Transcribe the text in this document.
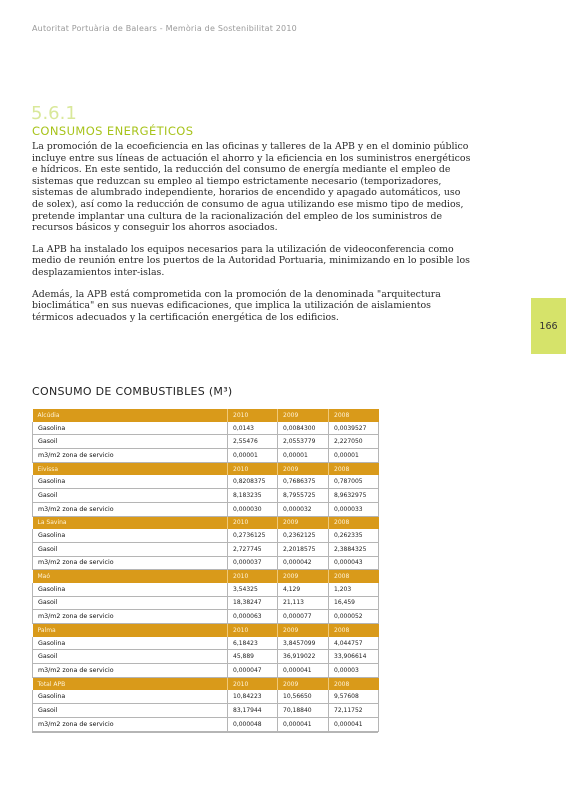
Autoritat Portuària de Balears - Memòria de Sostenibilitat 2010
5.6.1
CONSUMOS ENERGÉTICOS

La promoción de la ecoeficiencia en las oficinas y talleres de la APB y en el dominio público incluye entre sus líneas de actuación el ahorro y la eficiencia en los suministros energéticos e hídricos. En este sentido, la reducción del consumo de energía mediante el empleo de sistemas que reduzcan su empleo al tiempo estrictamente necesario (temporizadores, sistemas de alumbrado independiente, horarios de encendido y apagado automáticos, uso de solex), así como la reducción de consumo de agua utilizando ese mismo tipo de medios, pretende implantar una cultura de la racionalización del empleo de los suministros de recursos básicos y conseguir los ahorros asociados.

La APB ha instalado los equipos necesarios para la utilización de videoconferencia como medio de reunión entre los puertos de la Autoridad Portuaria, minimizando en lo posible los desplazamientos inter-islas.

Además, la APB está comprometida con la promoción de la denominada "arquitectura bioclimática" en sus nuevas edificaciones, que implica la utilización de aislamientos térmicos adecuados y la certificación energética de los edificios.

166
CONSUMO DE COMBUSTIBLES (M³)
Alcúdia	2010	2009	2008
Gasolina	0,0143	0,0084300	0,0039527
Gasoil	2,55476	2,0553779	2,227050
m3/m2 zona de servicio	0,00001	0,00001	0,00001
Eivissa	2010	2009	2008
Gasolina	0,8208375	0,7686375	0,787005
Gasoil	8,183235	8,7955725	8,9632975
m3/m2 zona de servicio	0,000030	0,000032	0,000033
La Savina	2010	2009	2008
Gasolina	0,2736125	0,2362125	0,262335
Gasoil	2,727745	2,2018575	2,3884325
m3/m2 zona de servicio	0,000037	0,000042	0,000043
Maó	2010	2009	2008
Gasolina	3,54325	4,129	1,203
Gasoil	18,38247	21,113	16,459
m3/m2 zona de servicio	0,000063	0,000077	0,000052
Palma	2010	2009	2008
Gasolina	6,18423	3,8457099	4,044757
Gasoil	45,889	36,919022	33,906614
m3/m2 zona de servicio	0,000047	0,000041	0,00003
Total APB	2010	2009	2008
Gasolina	10,84223	10,56650	9,57608
Gasoil	83,17944	70,18840	72,11752
m3/m2 zona de servicio	0,000048	0,000041	0,000041
